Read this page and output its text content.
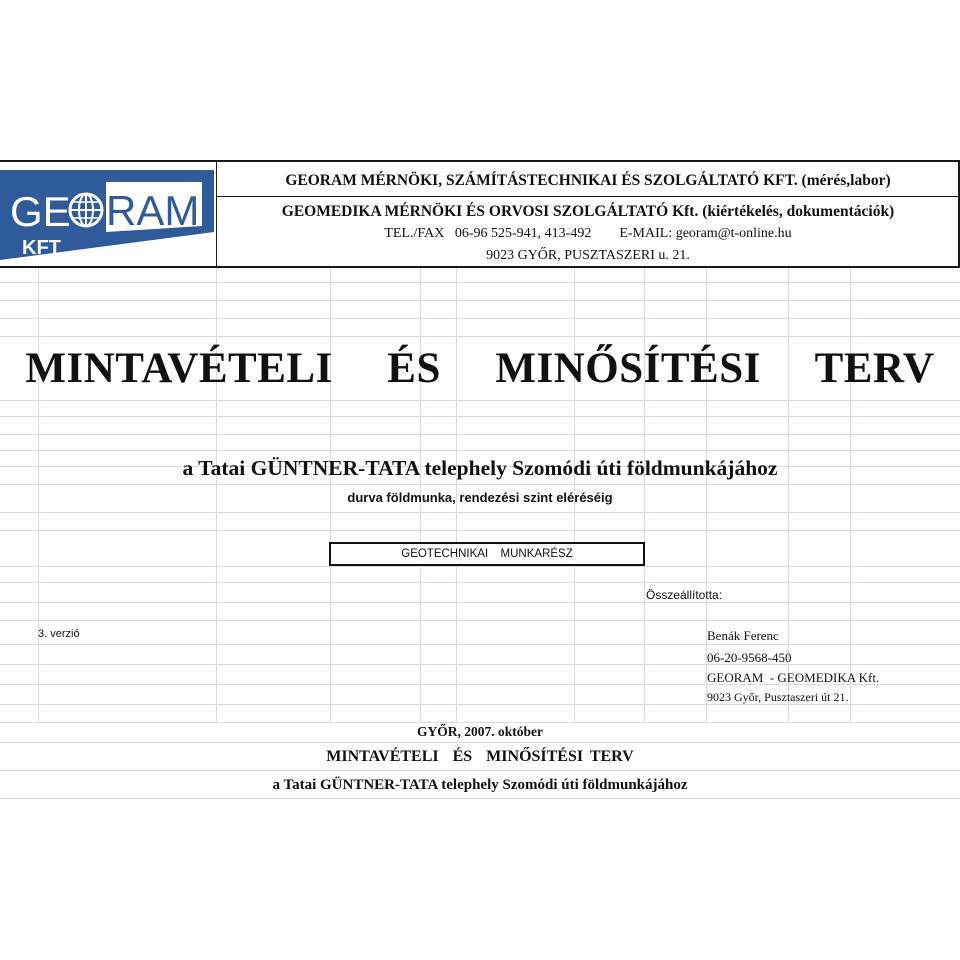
GE RAM
KFT
GEORAM MÉRNÖKI, SZÁMÍTÁSTECHNIKAI ÉS SZOLGÁLTATÓ KFT. (mérés,labor)
GEOMEDIKA MÉRNÖKI ÉS ORVOSI SZOLGÁLTATÓ Kft. (kiértékelés, dokumentációk)
TEL./FAX   06-96 525-941, 413-492        E-MAIL: georam@t-online.hu
9023 GYŐR, PUSZTASZERI u. 21.
MINTAVÉTELI  ÉS  MINŐSÍTÉSI  TERV
a Tatai GÜNTNER-TATA telephely Szomódi úti földmunkájához
durva földmunka, rendezési szint eléréséig
GEOTECHNIKAI  MUNKARÉSZ
Összeállította:
3. verzió	Benák Ferenc
06-20-9568-450
GEORAM  - GEOMEDIKA Kft.
9023 Győr, Pusztaszeri út 21.
GYŐR, 2007. október
MINTAVÉTELI  ÉS  MINŐSÍTÉSI TERV
a Tatai GÜNTNER-TATA telephely Szomódi úti földmunkájához
